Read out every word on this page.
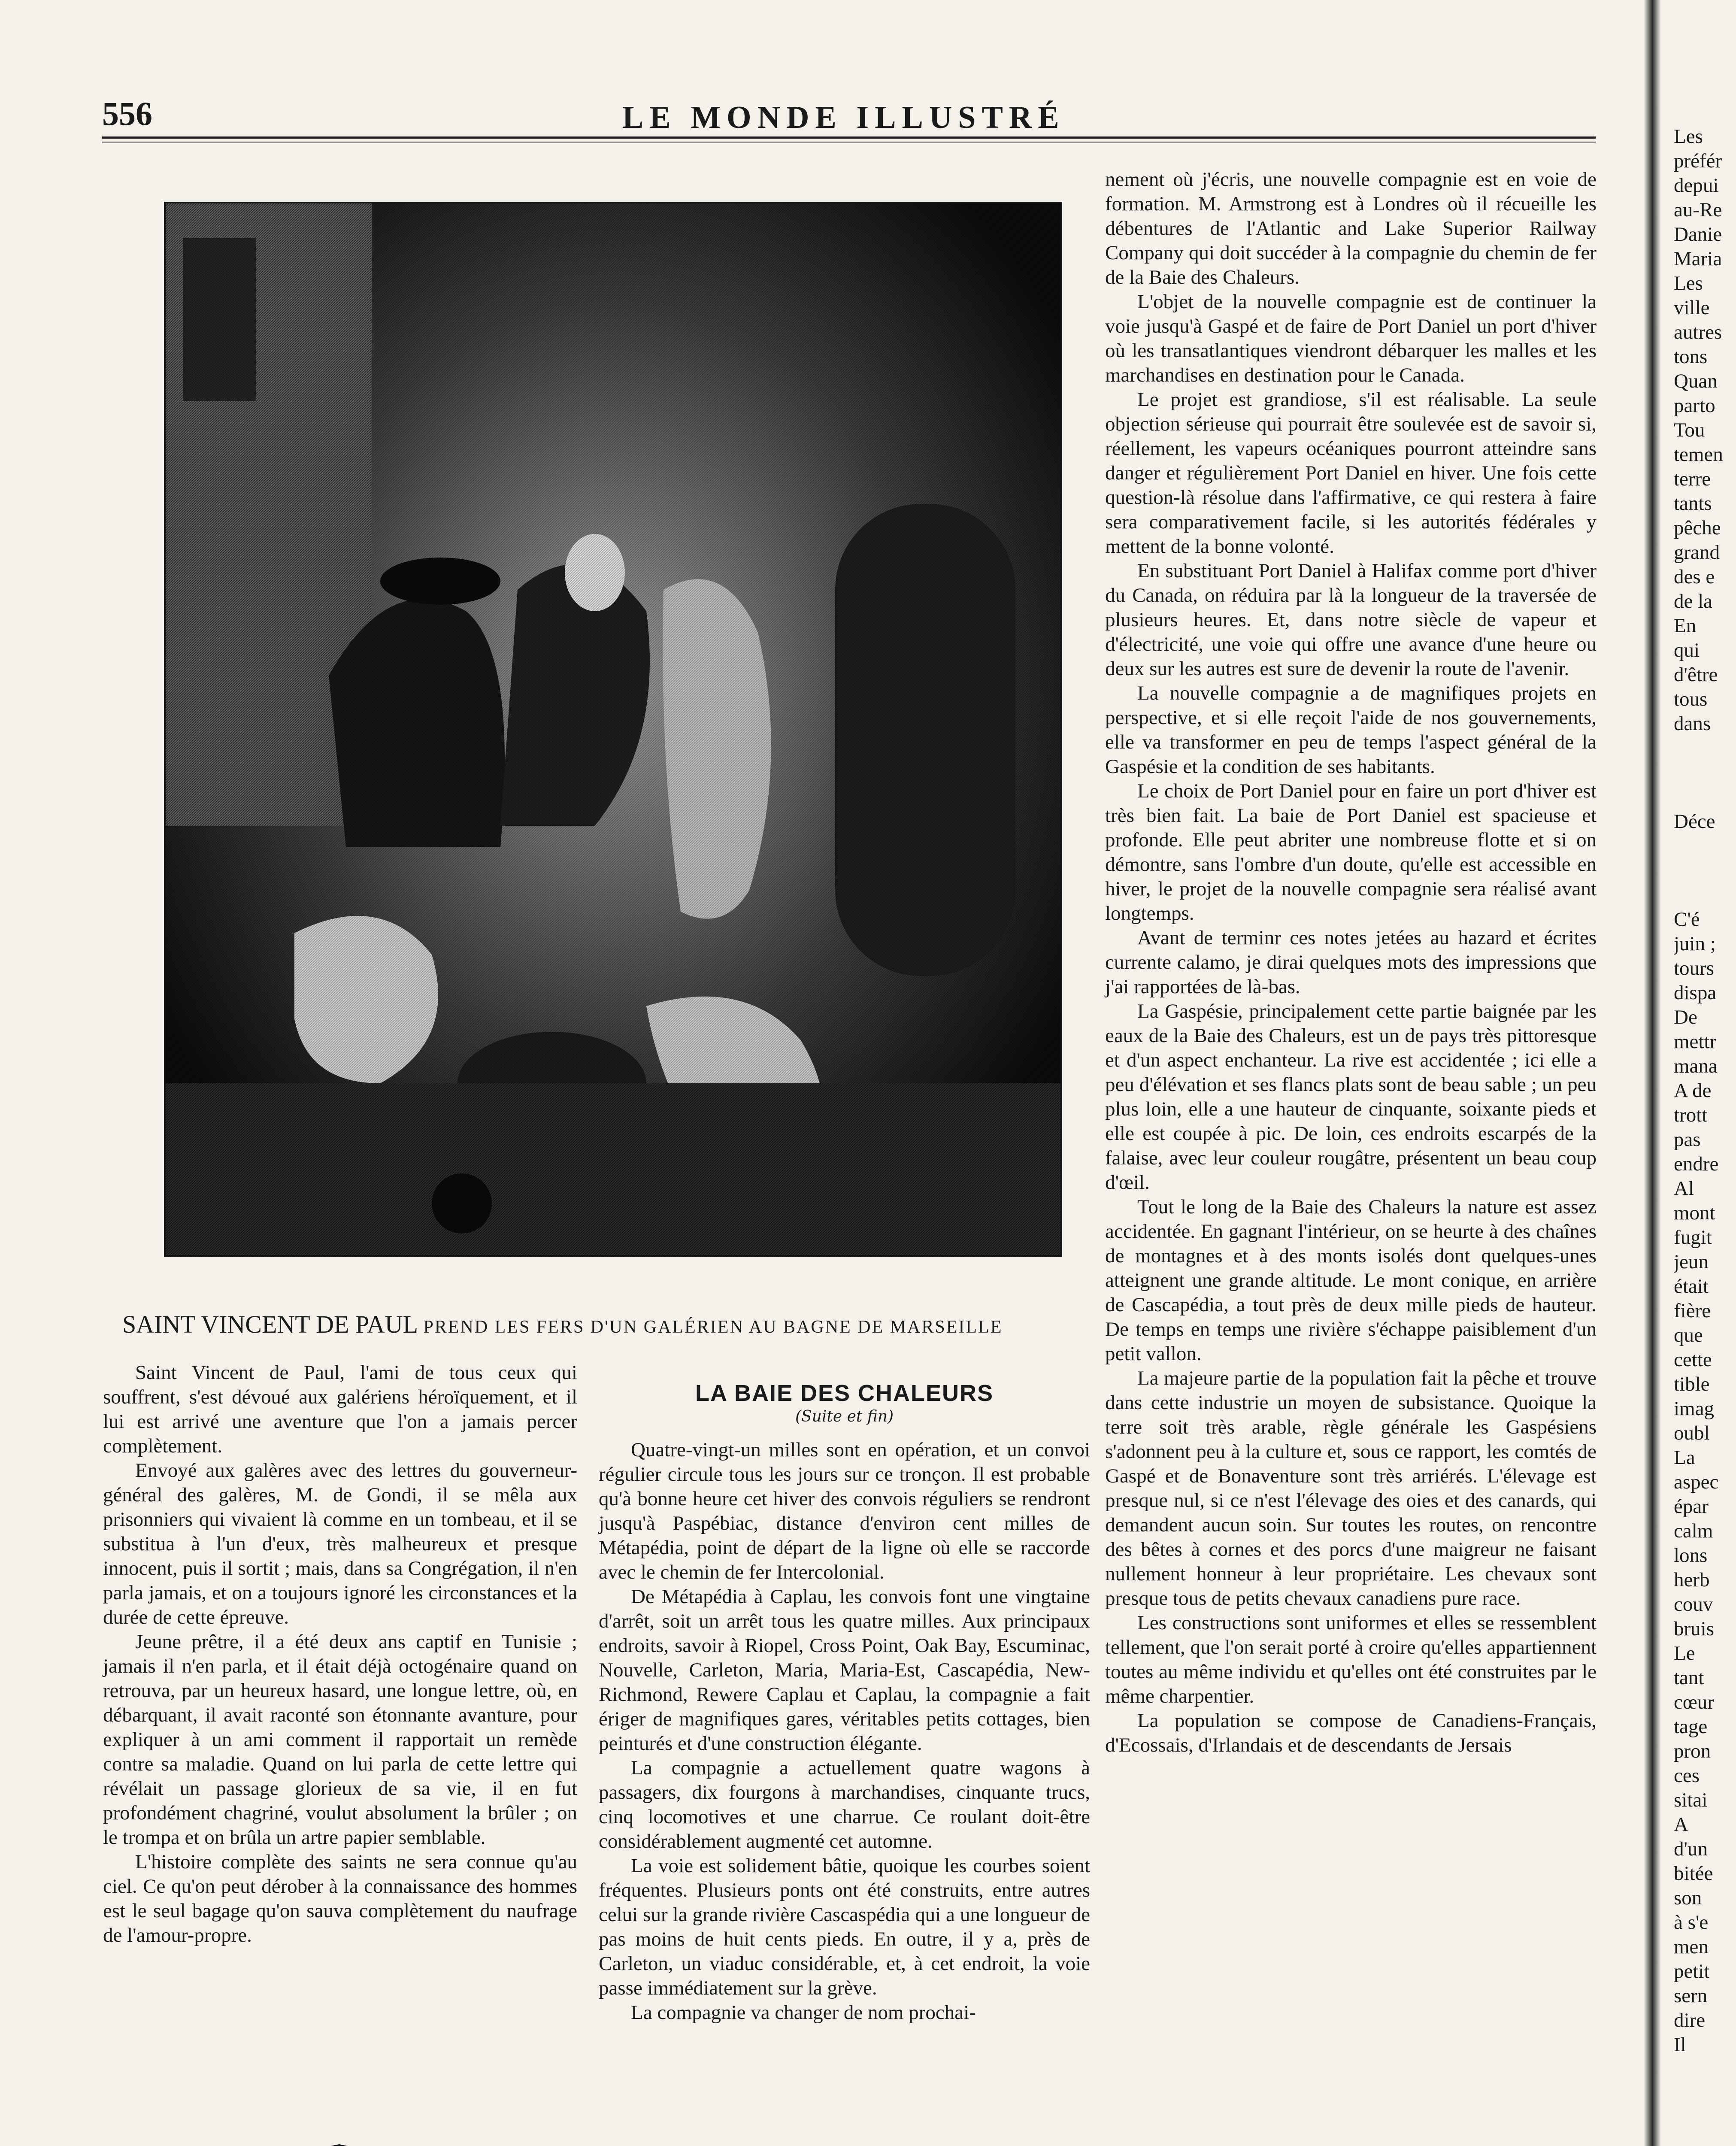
556	LE MONDE ILLUSTRÉ
SAINT VINCENT DE PAUL PREND LES FERS D'UN GALÉRIEN AU BAGNE DE MARSEILLE

Saint Vincent de Paul, l'ami de tous ceux qui souffrent, s'est dévoué aux galériens héroïquement, et il lui est arrivé une aventure que l'on a jamais percer complètement.

Envoyé aux galères avec des lettres du gouverneur-général des galères, M. de Gondi, il se mêla aux prisonniers qui vivaient là comme en un tombeau, et il se substitua à l'un d'eux, très malheureux et presque innocent, puis il sortit ; mais, dans sa Congrégation, il n'en parla jamais, et on a toujours ignoré les circonstances et la durée de cette épreuve.

Jeune prêtre, il a été deux ans captif en Tunisie ; jamais il n'en parla, et il était déjà octogénaire quand on retrouva, par un heureux hasard, une longue lettre, où, en débarquant, il avait raconté son étonnante avanture, pour expliquer à un ami comment il rapportait un remède contre sa maladie. Quand on lui parla de cette lettre qui révélait un passage glorieux de sa vie, il en fut profondément chagriné, voulut absolument la brûler ; on le trompa et on brûla un artre papier semblable.

L'histoire complète des saints ne sera connue qu'au ciel. Ce qu'on peut dérober à la connaissance des hommes est le seul bagage qu'on sauva complètement du naufrage de l'amour-propre.

LA BAIE DES CHALEURS
(Suite et fin)

Quatre-vingt-un milles sont en opération, et un convoi régulier circule tous les jours sur ce tronçon. Il est probable qu'à bonne heure cet hiver des convois réguliers se rendront jusqu'à Paspébiac, distance d'environ cent milles de Métapédia, point de départ de la ligne où elle se raccorde avec le chemin de fer Intercolonial.

De Métapédia à Caplau, les convois font une vingtaine d'arrêt, soit un arrêt tous les quatre milles. Aux principaux endroits, savoir à Riopel, Cross Point, Oak Bay, Escuminac, Nouvelle, Carleton, Maria, Maria-Est, Cascapédia, New-Richmond, Rewere Caplau et Caplau, la compagnie a fait ériger de magnifiques gares, véritables petits cottages, bien peinturés et d'une construction élégante.

La compagnie a actuellement quatre wagons à passagers, dix fourgons à marchandises, cinquante trucs, cinq locomotives et une charrue. Ce roulant doit-être considérablement augmenté cet automne.

La voie est solidement bâtie, quoique les courbes soient fréquentes. Plusieurs ponts ont été construits, entre autres celui sur la grande rivière Cascaspédia qui a une longueur de pas moins de huit cents pieds. En outre, il y a, près de Carleton, un viaduc considérable, et, à cet endroit, la voie passe immédiatement sur la grève.

La compagnie va changer de nom prochai-

nement où j'écris, une nouvelle compagnie est en voie de formation. M. Armstrong est à Londres où il récueille les débentures de l'Atlantic and Lake Superior Railway Company qui doit succéder à la compagnie du chemin de fer de la Baie des Chaleurs.

L'objet de la nouvelle compagnie est de continuer la voie jusqu'à Gaspé et de faire de Port Daniel un port d'hiver où les transatlantiques viendront débarquer les malles et les marchandises en destination pour le Canada.

Le projet est grandiose, s'il est réalisable. La seule objection sérieuse qui pourrait être soulevée est de savoir si, réellement, les vapeurs océaniques pourront atteindre sans danger et régulièrement Port Daniel en hiver. Une fois cette question-là résolue dans l'affirmative, ce qui restera à faire sera comparativement facile, si les autorités fédérales y mettent de la bonne volonté.

En substituant Port Daniel à Halifax comme port d'hiver du Canada, on réduira par là la longueur de la traversée de plusieurs heures. Et, dans notre siècle de vapeur et d'électricité, une voie qui offre une avance d'une heure ou deux sur les autres est sure de devenir la route de l'avenir.

La nouvelle compagnie a de magnifiques projets en perspective, et si elle reçoit l'aide de nos gouvernements, elle va transformer en peu de temps l'aspect général de la Gaspésie et la condition de ses habitants.

Le choix de Port Daniel pour en faire un port d'hiver est très bien fait. La baie de Port Daniel est spacieuse et profonde. Elle peut abriter une nombreuse flotte et si on démontre, sans l'ombre d'un doute, qu'elle est accessible en hiver, le projet de la nouvelle compagnie sera réalisé avant longtemps.

Avant de terminr ces notes jetées au hazard et écrites currente calamo, je dirai quelques mots des impressions que j'ai rapportées de là-bas.

La Gaspésie, principalement cette partie baignée par les eaux de la Baie des Chaleurs, est un de pays très pittoresque et d'un aspect enchanteur. La rive est accidentée ; ici elle a peu d'élévation et ses flancs plats sont de beau sable ; un peu plus loin, elle a une hauteur de cinquante, soixante pieds et elle est coupée à pic. De loin, ces endroits escarpés de la falaise, avec leur couleur rougâtre, présentent un beau coup d'œil.

Tout le long de la Baie des Chaleurs la nature est assez accidentée. En gagnant l'intérieur, on se heurte à des chaînes de montagnes et à des monts isolés dont quelques-unes atteignent une grande altitude. Le mont conique, en arrière de Cascapédia, a tout près de deux mille pieds de hauteur. De temps en temps une rivière s'échappe paisiblement d'un petit vallon.

La majeure partie de la population fait la pêche et trouve dans cette industrie un moyen de subsistance. Quoique la terre soit très arable, règle générale les Gaspésiens s'adonnent peu à la culture et, sous ce rapport, les comtés de Gaspé et de Bonaventure sont très arriérés. L'élevage est presque nul, si ce n'est l'élevage des oies et des canards, qui demandent aucun soin. Sur toutes les routes, on rencontre des bêtes à cornes et des porcs d'une maigreur ne faisant nullement honneur à leur propriétaire. Les chevaux sont presque tous de petits chevaux canadiens pure race.

Les constructions sont uniformes et elles se ressemblent tellement, que l'on serait porté à croire qu'elles appartiennent toutes au même individu et qu'elles ont été construites par le même charpentier.

La population se compose de Canadiens-Français, d'Ecossais, d'Irlandais et de descendants de Jersais

Les
préfér
depui
au-Re
Danie
Maria
Les
ville
autres
tons
Quan
parto
Tou
temen
terre
tants
pêche
grand
des e
de la
En
qui
d'être
tous
dans

Déce

C'é
juin ;
tours
dispa
De
mettr
mana
A de
trott
pas
endre
Al
mont
fugit
jeun
était
fière
que
cette
tible
imag
oubl
La
aspec
épar
calm
lons
herb
couv
bruis
Le
tant
cœur
tage
pron
ces
sitai
A
d'un
bitée
son
à s'e
men
petit
sern
dire
Il
